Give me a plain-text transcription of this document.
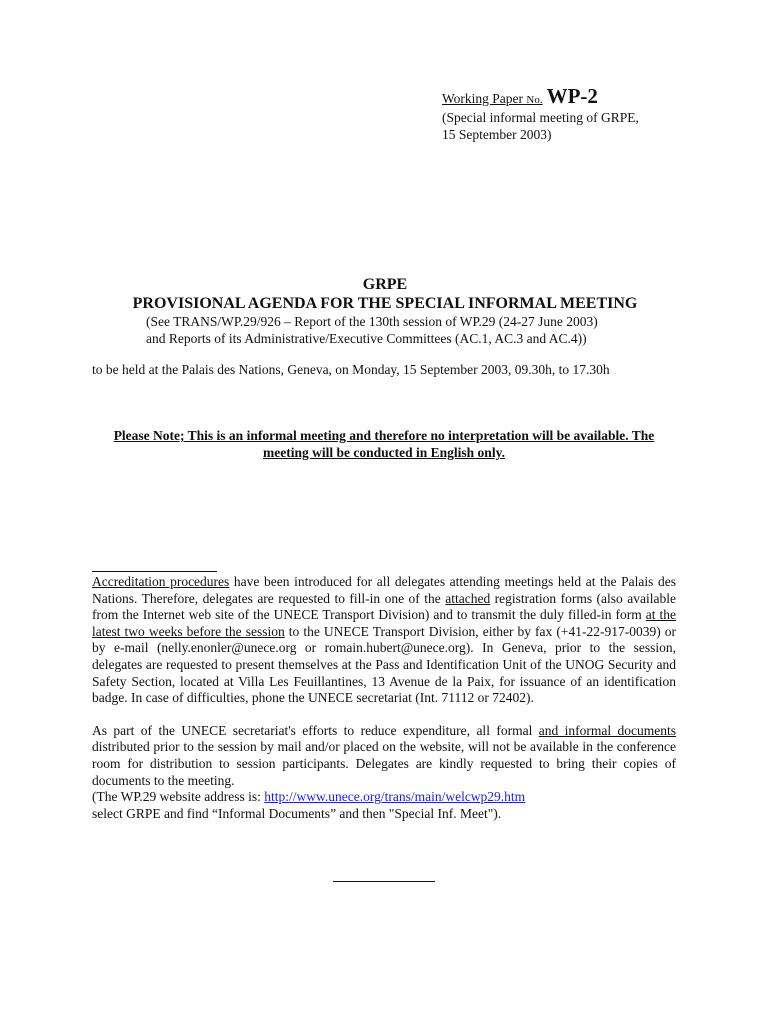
Working Paper No. WP-2
(Special informal meeting of GRPE,
15 September 2003)
GRPE
PROVISIONAL AGENDA FOR THE SPECIAL INFORMAL MEETING
(See TRANS/WP.29/926 – Report of the 130th session of WP.29 (24-27 June 2003)
and Reports of its Administrative/Executive Committees (AC.1, AC.3 and AC.4))
to be held at the Palais des Nations, Geneva, on Monday, 15 September 2003, 09.30h, to 17.30h
Please Note; This is an informal meeting and therefore no interpretation will be available. The meeting will be conducted in English only.

Accreditation procedures have been introduced for all delegates attending meetings held at the Palais des Nations. Therefore, delegates are requested to fill-in one of the attached registration forms (also available from the Internet web site of the UNECE Transport Division) and to transmit the duly filled-in form at the latest two weeks before the session to the UNECE Transport Division, either by fax (+41-22-917-0039) or by e-mail (nelly.enonler@unece.org or romain.hubert@unece.org). In Geneva, prior to the session, delegates are requested to present themselves at the Pass and Identification Unit of the UNOG Security and Safety Section, located at Villa Les Feuillantines, 13 Avenue de la Paix, for issuance of an identification badge. In case of difficulties, phone the UNECE secretariat (Int. 71112 or 72402).

As part of the UNECE secretariat's efforts to reduce expenditure, all formal and informal documents distributed prior to the session by mail and/or placed on the website, will not be available in the conference room for distribution to session participants. Delegates are kindly requested to bring their copies of documents to the meeting.
(The WP.29 website address is: http://www.unece.org/trans/main/welcwp29.htm
select GRPE and find “Informal Documents” and then "Special Inf. Meet").
